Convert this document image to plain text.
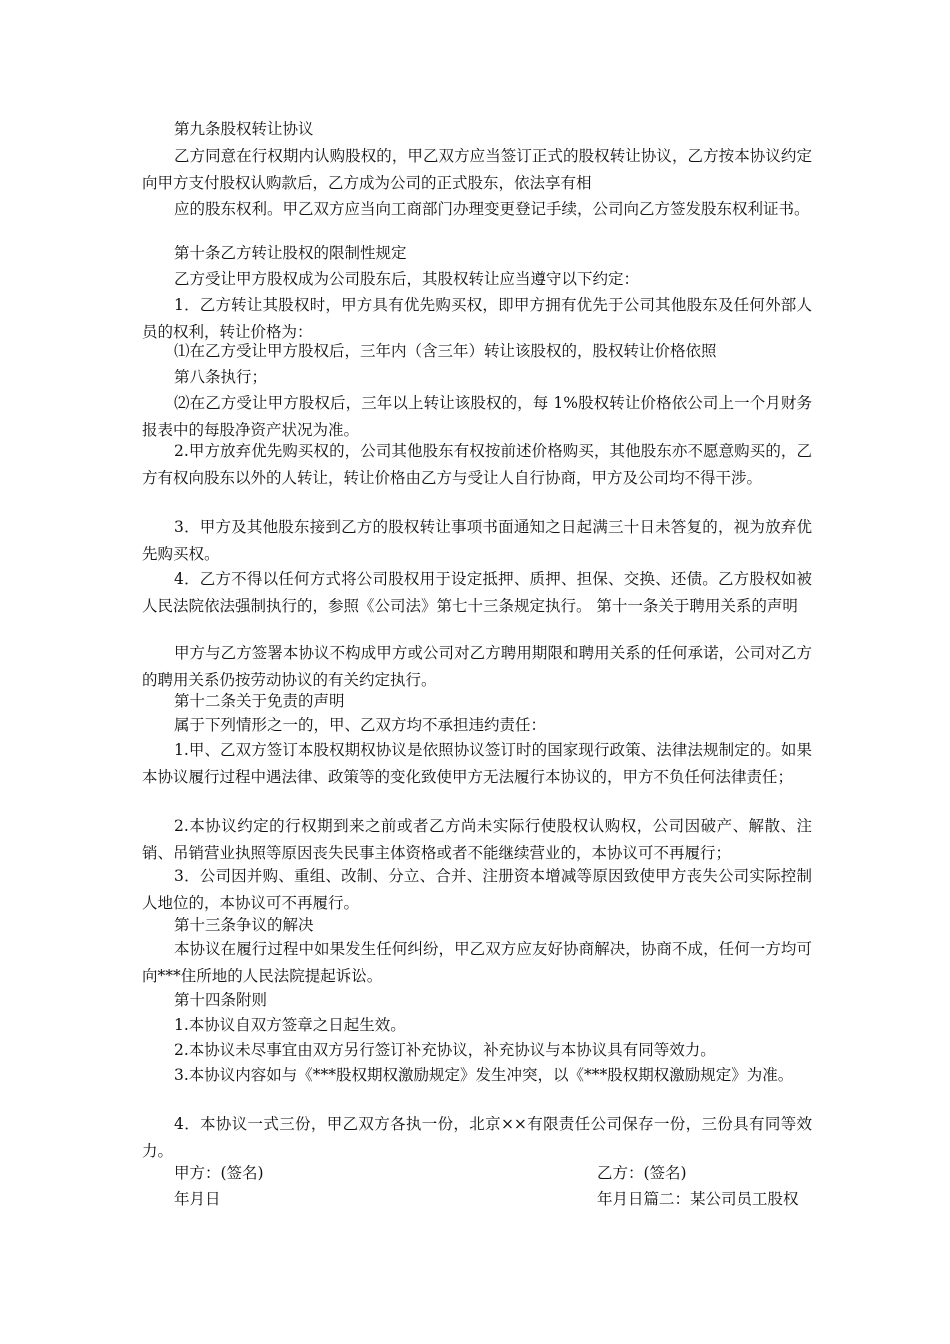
第九条股权转让协议

乙方同意在行权期内认购股权的，甲乙双方应当签订正式的股权转让协议，乙方按本协议约定向甲方支付股权认购款后，乙方成为公司的正式股东，依法享有相

应的股东权利。甲乙双方应当向工商部门办理变更登记手续，公司向乙方签发股东权利证书。

第十条乙方转让股权的限制性规定

乙方受让甲方股权成为公司股东后，其股权转让应当遵守以下约定：

1．乙方转让其股权时，甲方具有优先购买权，即甲方拥有优先于公司其他股东及任何外部人员的权利，转让价格为：

⑴在乙方受让甲方股权后，三年内（含三年）转让该股权的，股权转让价格依照

第八条执行；

⑵在乙方受让甲方股权后，三年以上转让该股权的，每 1%股权转让价格依公司上一个月财务报表中的每股净资产状况为准。

2.甲方放弃优先购买权的，公司其他股东有权按前述价格购买，其他股东亦不愿意购买的，乙方有权向股东以外的人转让，转让价格由乙方与受让人自行协商，甲方及公司均不得干涉。

3．甲方及其他股东接到乙方的股权转让事项书面通知之日起满三十日未答复的，视为放弃优先购买权。

4．乙方不得以任何方式将公司股权用于设定抵押、质押、担保、交换、还债。乙方股权如被人民法院依法强制执行的，参照《公司法》第七十三条规定执行。 第十一条关于聘用关系的声明

甲方与乙方签署本协议不构成甲方或公司对乙方聘用期限和聘用关系的任何承诺，公司对乙方的聘用关系仍按劳动协议的有关约定执行。

第十二条关于免责的声明

属于下列情形之一的，甲、乙双方均不承担违约责任：

1.甲、乙双方签订本股权期权协议是依照协议签订时的国家现行政策、法律法规制定的。如果本协议履行过程中遇法律、政策等的变化致使甲方无法履行本协议的，甲方不负任何法律责任；

2.本协议约定的行权期到来之前或者乙方尚未实际行使股权认购权，公司因破产、解散、注销、吊销营业执照等原因丧失民事主体资格或者不能继续营业的，本协议可不再履行；

3．公司因并购、重组、改制、分立、合并、注册资本增减等原因致使甲方丧失公司实际控制人地位的，本协议可不再履行。

第十三条争议的解决

本协议在履行过程中如果发生任何纠纷，甲乙双方应友好协商解决，协商不成，任何一方均可向***住所地的人民法院提起诉讼。

第十四条附则

1.本协议自双方签章之日起生效。

2.本协议未尽事宜由双方另行签订补充协议，补充协议与本协议具有同等效力。

3.本协议内容如与《***股权期权激励规定》发生冲突，以《***股权期权激励规定》为准。

4．本协议一式三份，甲乙双方各执一份，北京××有限责任公司保存一份，三份具有同等效力。

甲方：(签名)	乙方：(签名)
年月日	年月日篇二：某公司员工股权
